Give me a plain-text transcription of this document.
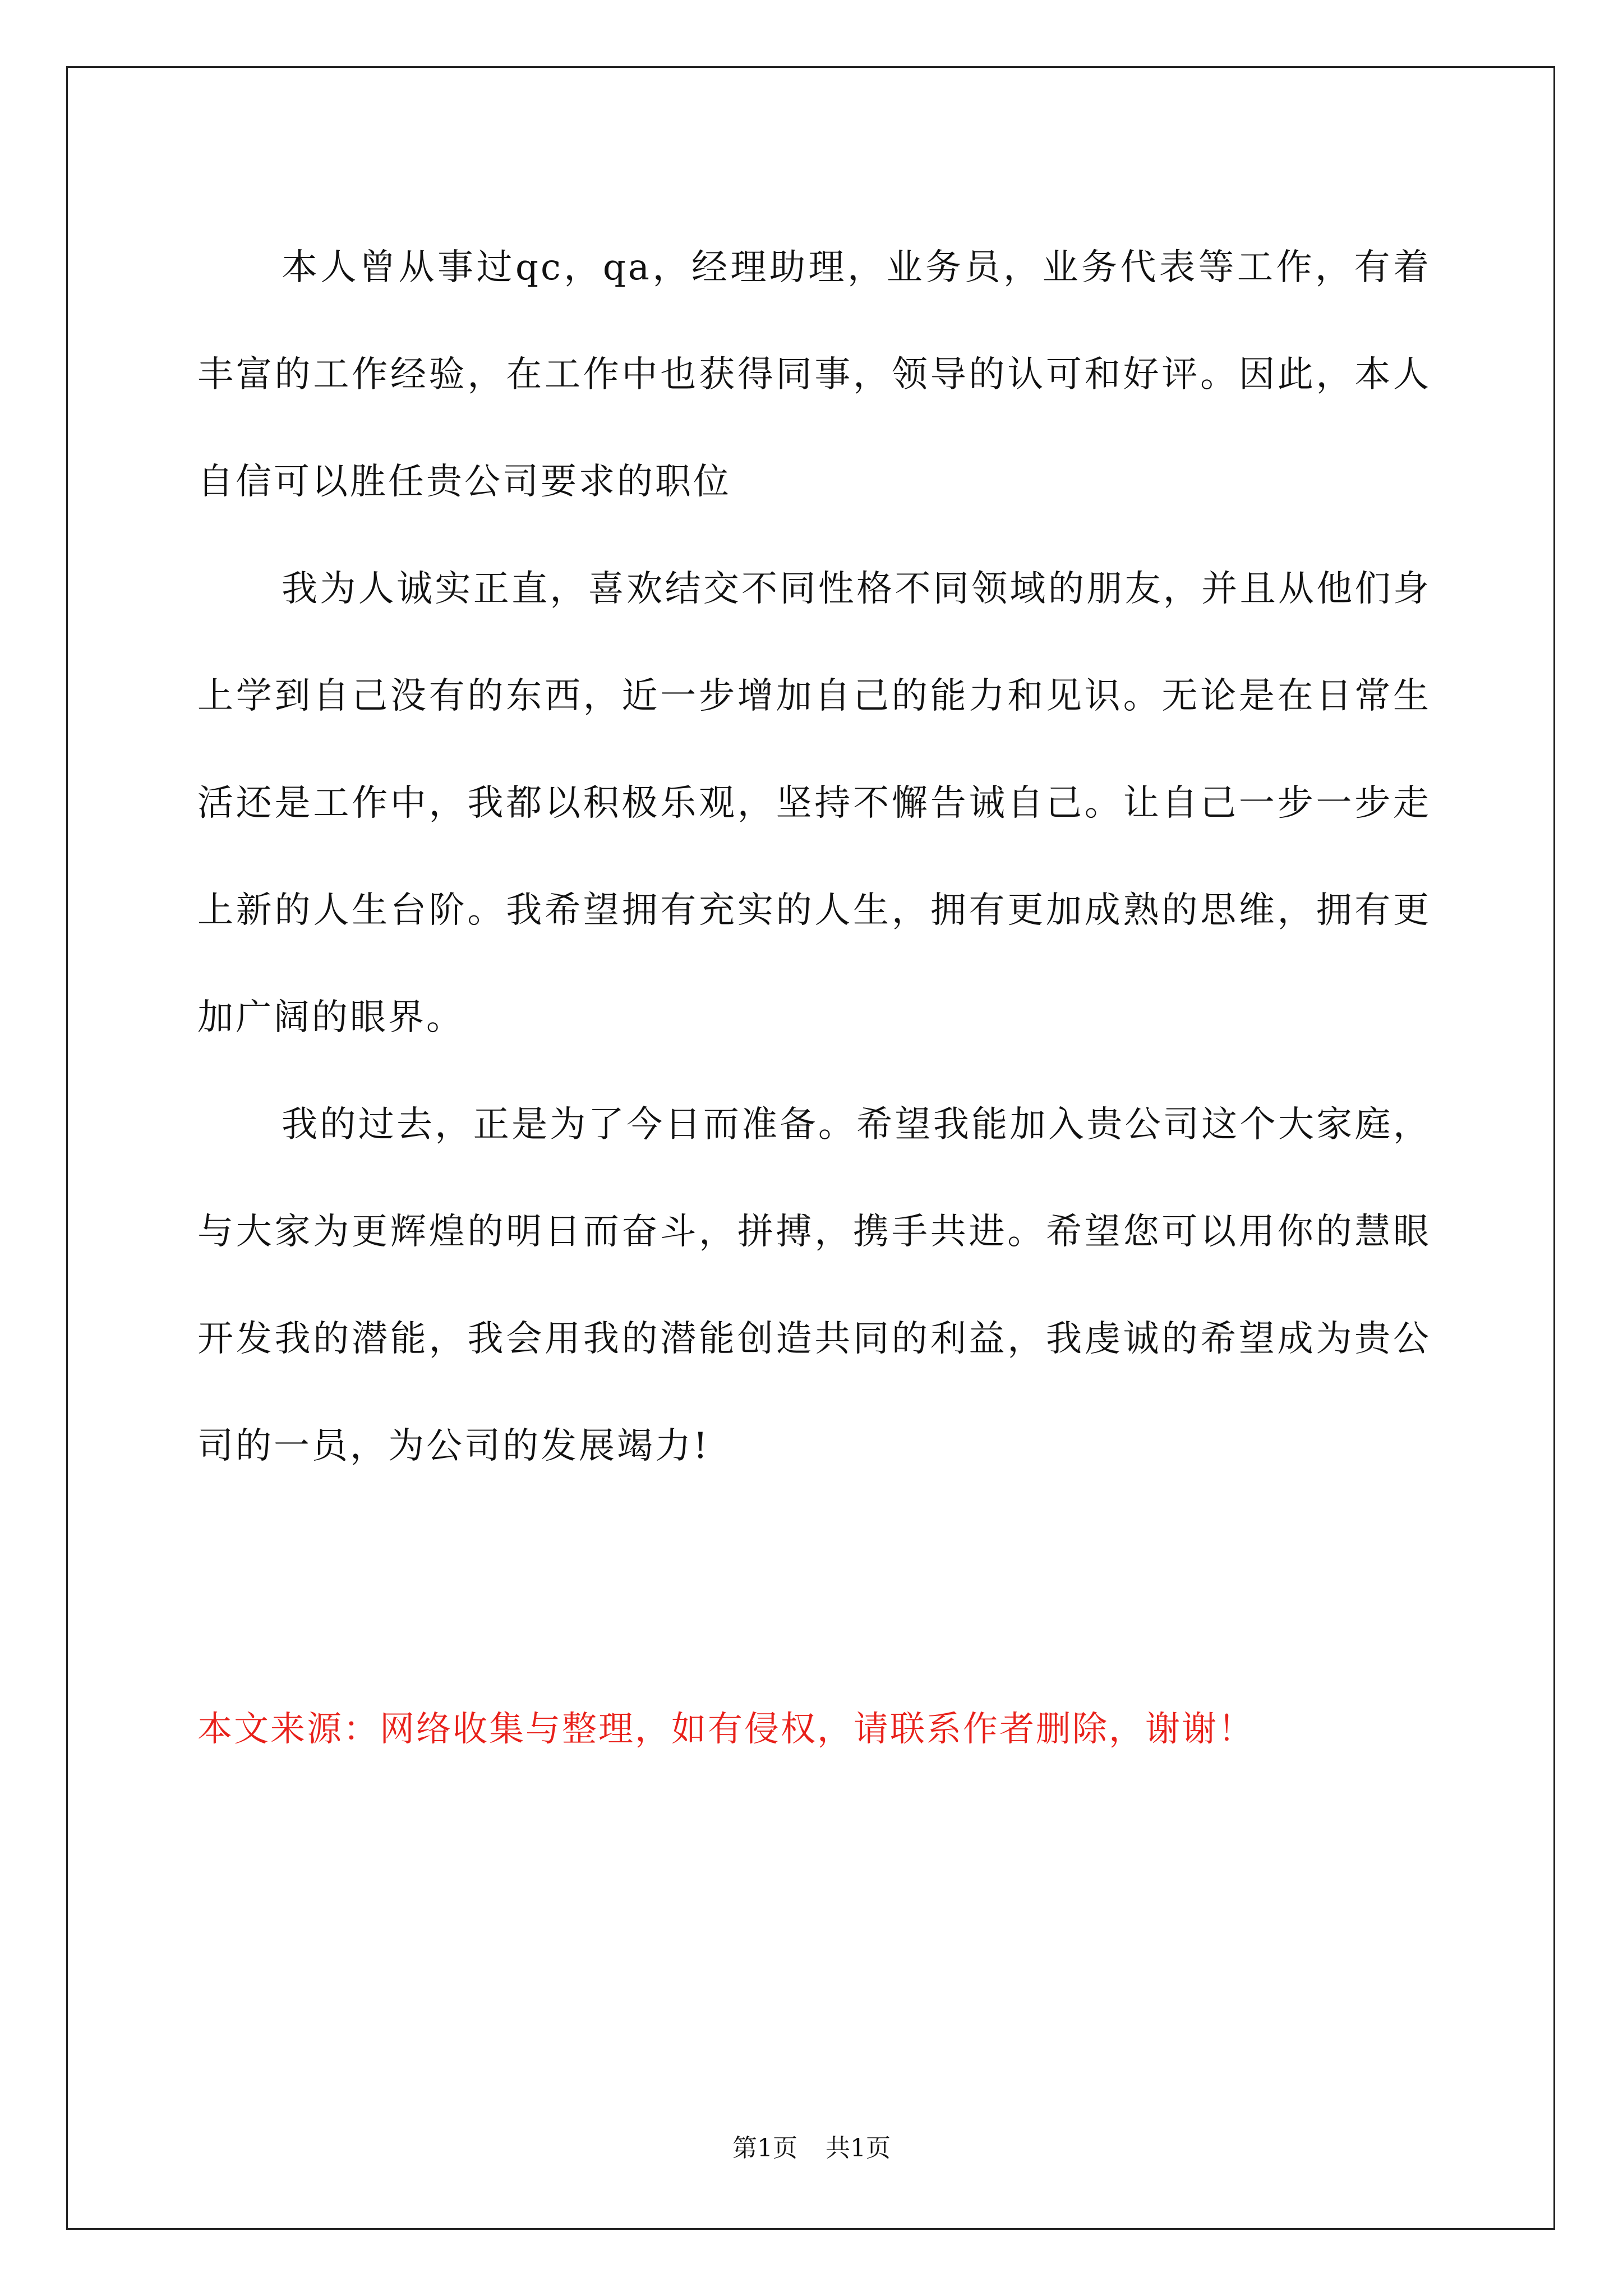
本人曾从事过qc，qa，经理助理，业务员，业务代表等工作，有着丰富的工作经验，在工作中也获得同事，领导的认可和好评。因此，本人自信可以胜任贵公司要求的职位

我为人诚实正直，喜欢结交不同性格不同领域的朋友，并且从他们身上学到自己没有的东西，近一步增加自己的能力和见识。无论是在日常生活还是工作中，我都以积极乐观，坚持不懈告诫自己。让自己一步一步走上新的人生台阶。我希望拥有充实的人生，拥有更加成熟的思维，拥有更加广阔的眼界。

我的过去，正是为了今日而准备。希望我能加入贵公司这个大家庭，与大家为更辉煌的明日而奋斗，拼搏，携手共进。希望您可以用你的慧眼开发我的潜能，我会用我的潜能创造共同的利益，我虔诚的希望成为贵公司的一员，为公司的发展竭力!

本文来源：网络收集与整理，如有侵权，请联系作者删除，谢谢！
第1页 共1页
